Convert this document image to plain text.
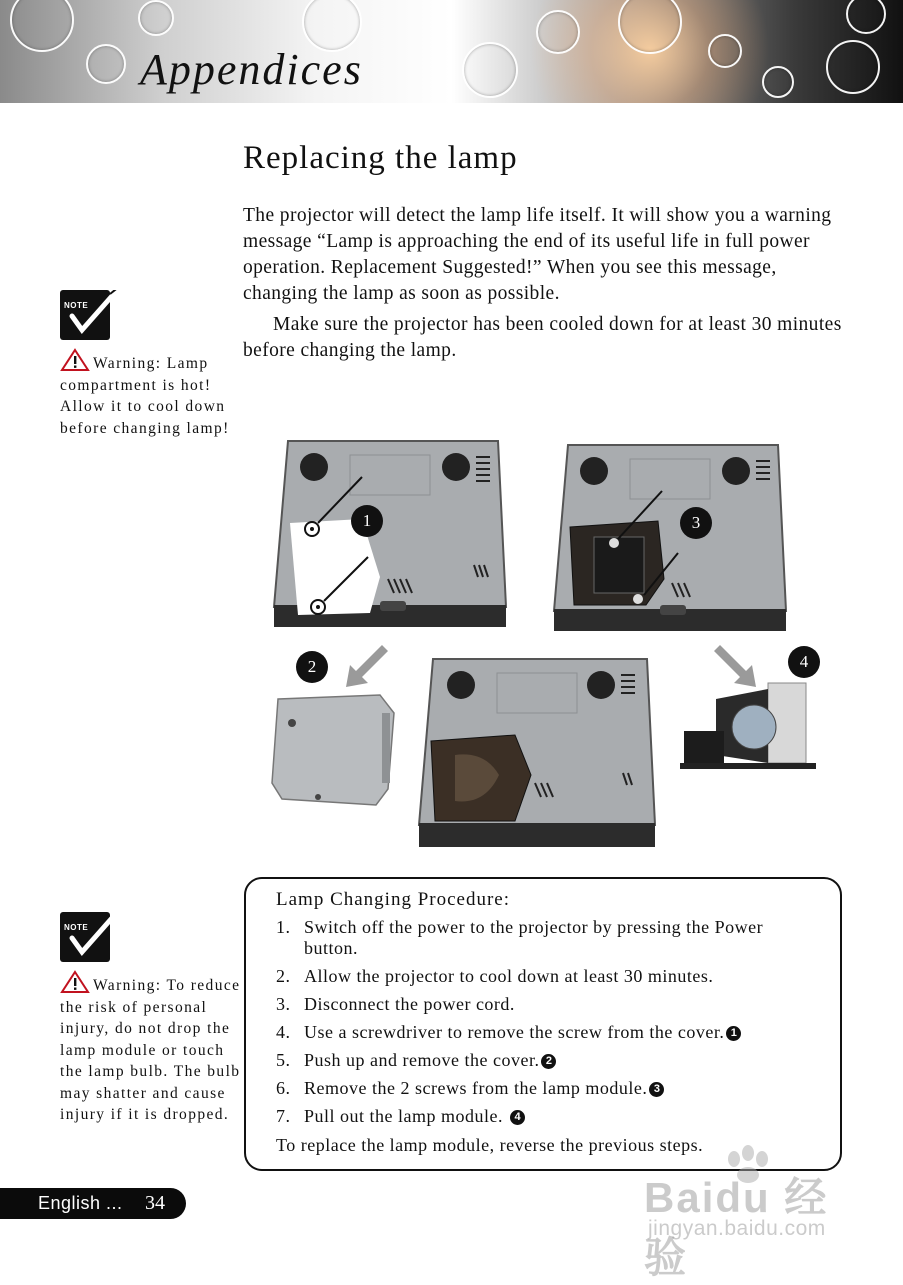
Appendices
Replacing the lamp

The projector will detect the lamp life itself. It will show you a warning message “Lamp is approaching the end of its useful life in full power operation. Replacement Suggested!” When you see this message, changing the lamp as soon as possible.

Make sure the projector has been cooled down for at least 30 minutes before changing the lamp.

NOTE
Warning: Lamp compartment is hot! Allow it to cool down before changing lamp!
NOTE
Warning: To reduce the risk of personal injury, do not drop the lamp module or touch the lamp bulb. The bulb may shatter and cause injury if it is dropped.
1
2
3
4
Lamp Changing Procedure:
1. Switch off the power to the projector by pressing the Power button.
2. Allow the projector to cool down at least 30 minutes.
3. Disconnect the power cord.
4. Use a screwdriver to remove the screw from the cover. 1
5. Push up and remove the cover. 2
6. Remove the 2 screws from the lamp module. 3
7. Pull out the lamp module. 4
To replace the lamp module, reverse the previous steps.
English ... 34	Baidu 经验
jingyan.baidu.com
